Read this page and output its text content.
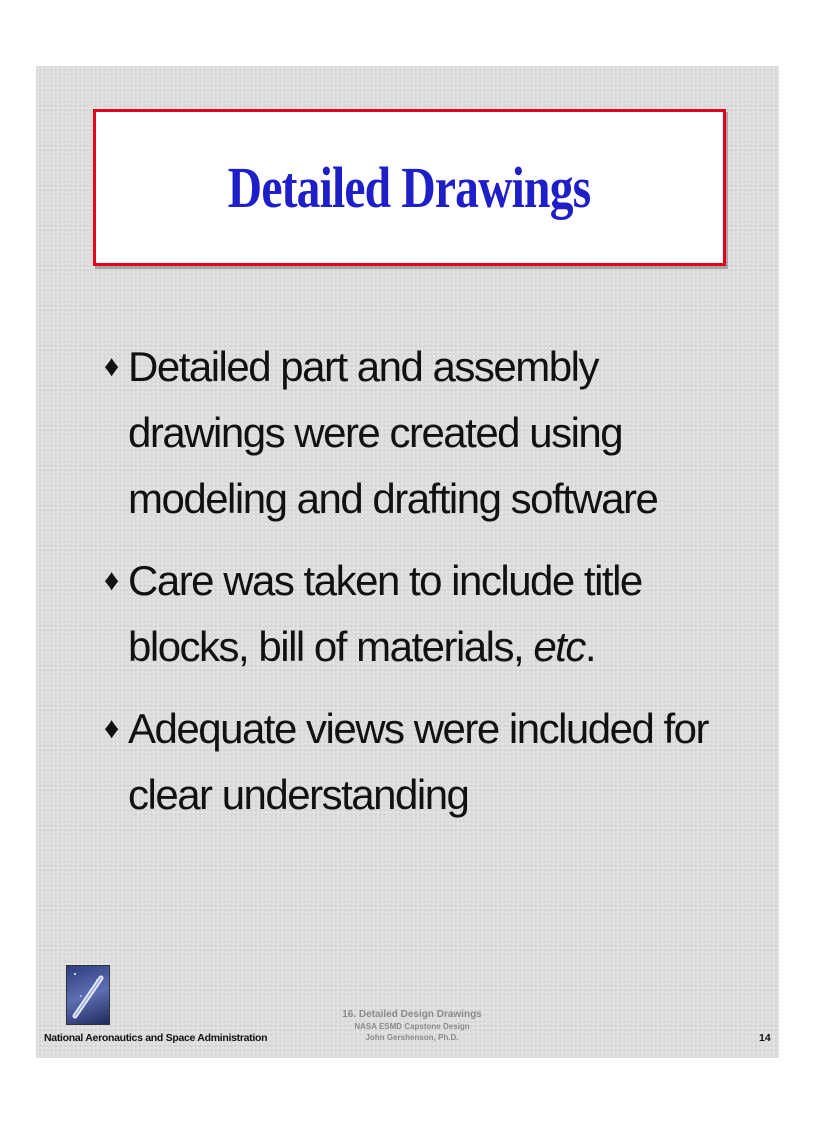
Detailed Drawings
♦ Detailed part and assembly drawings were created using modeling and drafting software
♦ Care was taken to include title blocks, bill of materials, etc.
♦ Adequate views were included for clear understanding
National Aeronautics and Space Administration
16. Detailed Design Drawings
NASA ESMD Capstone Design
John Gershenson, Ph.D.	14
